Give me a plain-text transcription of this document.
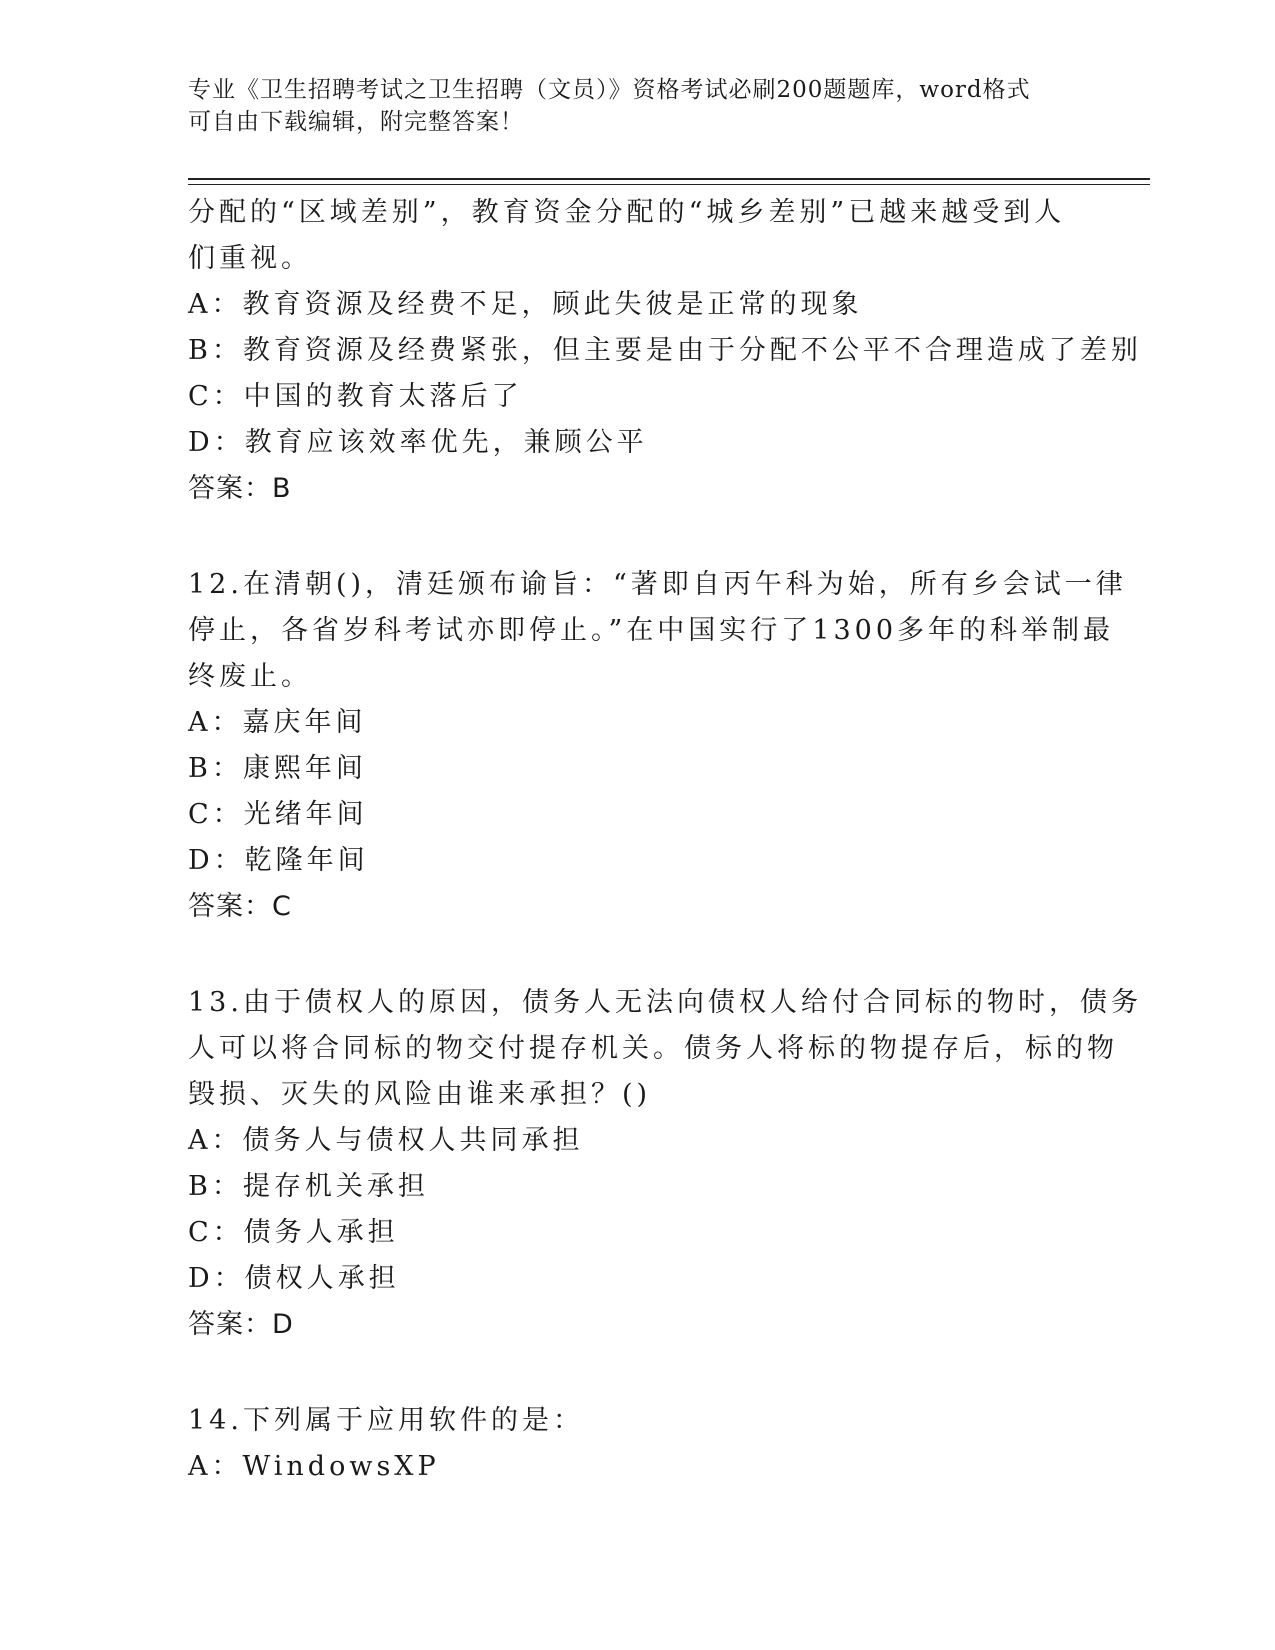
专业《卫生招聘考试之卫生招聘（文员）》资格考试必刷200题题库，word格式
可自由下载编辑，附完整答案！
分配的“区域差别”，教育资金分配的“城乡差别”已越来越受到人
们重视。
A：教育资源及经费不足，顾此失彼是正常的现象
B：教育资源及经费紧张，但主要是由于分配不公平不合理造成了差别
C：中国的教育太落后了
D：教育应该效率优先，兼顾公平
答案：B
12.在清朝()，清廷颁布谕旨：“著即自丙午科为始，所有乡会试一律
停止，各省岁科考试亦即停止。”在中国实行了1300多年的科举制最
终废止。
A：嘉庆年间
B：康熙年间
C：光绪年间
D：乾隆年间
答案：C
13.由于债权人的原因，债务人无法向债权人给付合同标的物时，债务
人可以将合同标的物交付提存机关。债务人将标的物提存后，标的物
毁损、灭失的风险由谁来承担？()
A：债务人与债权人共同承担
B：提存机关承担
C：债务人承担
D：债权人承担
答案：D
14.下列属于应用软件的是：
A：WindowsXP
